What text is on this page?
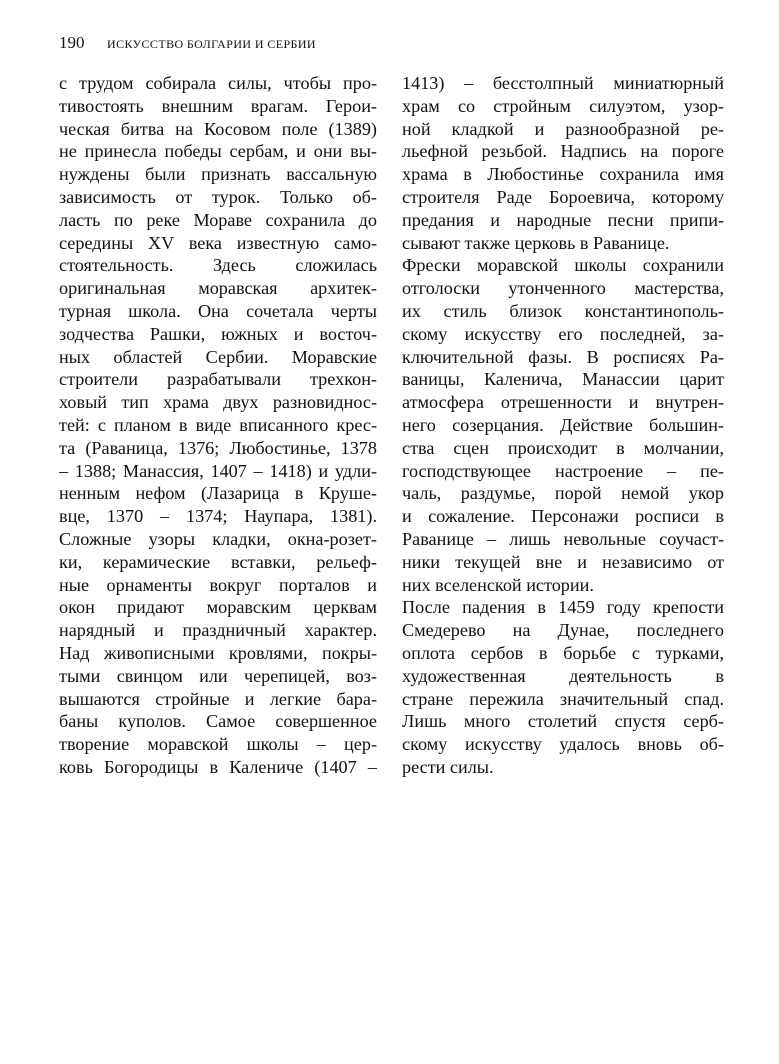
190 ИСКУССТВО БОЛГАРИИ И СЕРБИИ
с трудом собирала силы, чтобы про-
тивостоять внешним врагам. Герои-
ческая битва на Косовом поле (1389)
не принесла победы сербам, и они вы-
нуждены были признать вассальную
зависимость от турок. Только об-
ласть по реке Мораве сохранила до
середины XV века известную само-
стоятельность. Здесь сложилась
оригинальная моравская архитек-
турная школа. Она сочетала черты
зодчества Рашки, южных и восточ-
ных областей Сербии. Моравские
строители разрабатывали трехкон-
ховый тип храма двух разновиднос-
тей: с планом в виде вписанного крес-
та (Раваница, 1376; Любостинье, 1378
– 1388; Манассия, 1407 – 1418) и удли-
ненным нефом (Лазарица в Круше-
вце, 1370 – 1374; Наупара, 1381).
Сложные узоры кладки, окна-розет-
ки, керамические вставки, рельеф-
ные орнаменты вокруг порталов и
окон придают моравским церквам
нарядный и праздничный характер.
Над живописными кровлями, покры-
тыми свинцом или черепицей, воз-
вышаются стройные и легкие бара-
баны куполов. Самое совершенное
творение моравской школы – цер-
ковь Богородицы в Калениче (1407 –
1413) – бесстолпный миниатюрный
храм со стройным силуэтом, узор-
ной кладкой и разнообразной ре-
льефной резьбой. Надпись на пороге
храма в Любостинье сохранила имя
строителя Раде Бороевича, которому
предания и народные песни припи-
сывают также церковь в Раванице.
Фрески моравской школы сохранили
отголоски утонченного мастерства,
их стиль близок константинополь-
скому искусству его последней, за-
ключительной фазы. В росписях Ра-
ваницы, Каленича, Манассии царит
атмосфера отрешенности и внутрен-
него созерцания. Действие большин-
ства сцен происходит в молчании,
господствующее настроение – пе-
чаль, раздумье, порой немой укор
и сожаление. Персонажи росписи в
Раванице – лишь невольные соучаст-
ники текущей вне и независимо от
них вселенской истории.
После падения в 1459 году крепости
Смедерево на Дунае, последнего
оплота сербов в борьбе с турками,
художественная деятельность в
стране пережила значительный спад.
Лишь много столетий спустя серб-
скому искусству удалось вновь об-
рести силы.
